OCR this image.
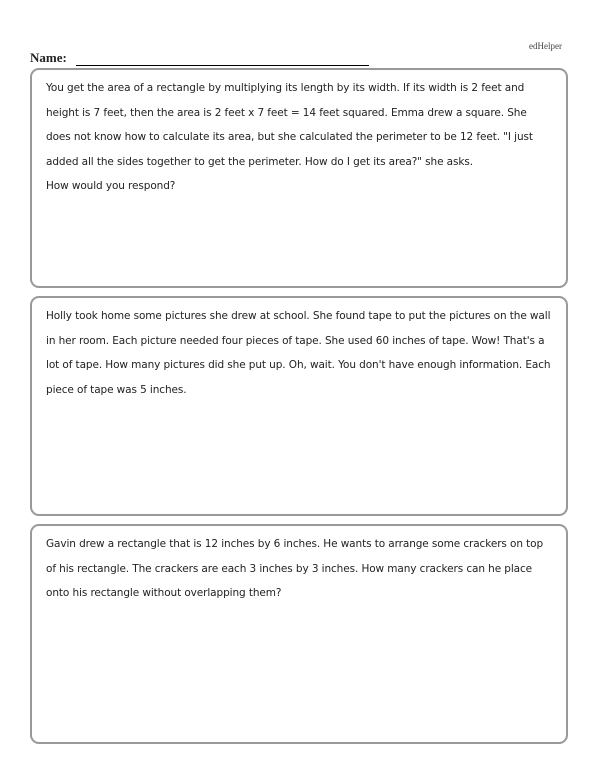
edHelper
Name:

You get the area of a rectangle by multiplying its length by its width. If its width is 2 feet and height is 7 feet, then the area is 2 feet x 7 feet = 14 feet squared. Emma drew a square. She does not know how to calculate its area, but she calculated the perimeter to be 12 feet. "I just added all the sides together to get the perimeter. How do I get its area?" she asks.

How would you respond?

Holly took home some pictures she drew at school. She found tape to put the pictures on the wall in her room. Each picture needed four pieces of tape. She used 60 inches of tape. Wow! That's a lot of tape. How many pictures did she put up. Oh, wait. You don't have enough information. Each piece of tape was 5 inches.

Gavin drew a rectangle that is 12 inches by 6 inches. He wants to arrange some crackers on top of his rectangle. The crackers are each 3 inches by 3 inches. How many crackers can he place onto his rectangle without overlapping them?
